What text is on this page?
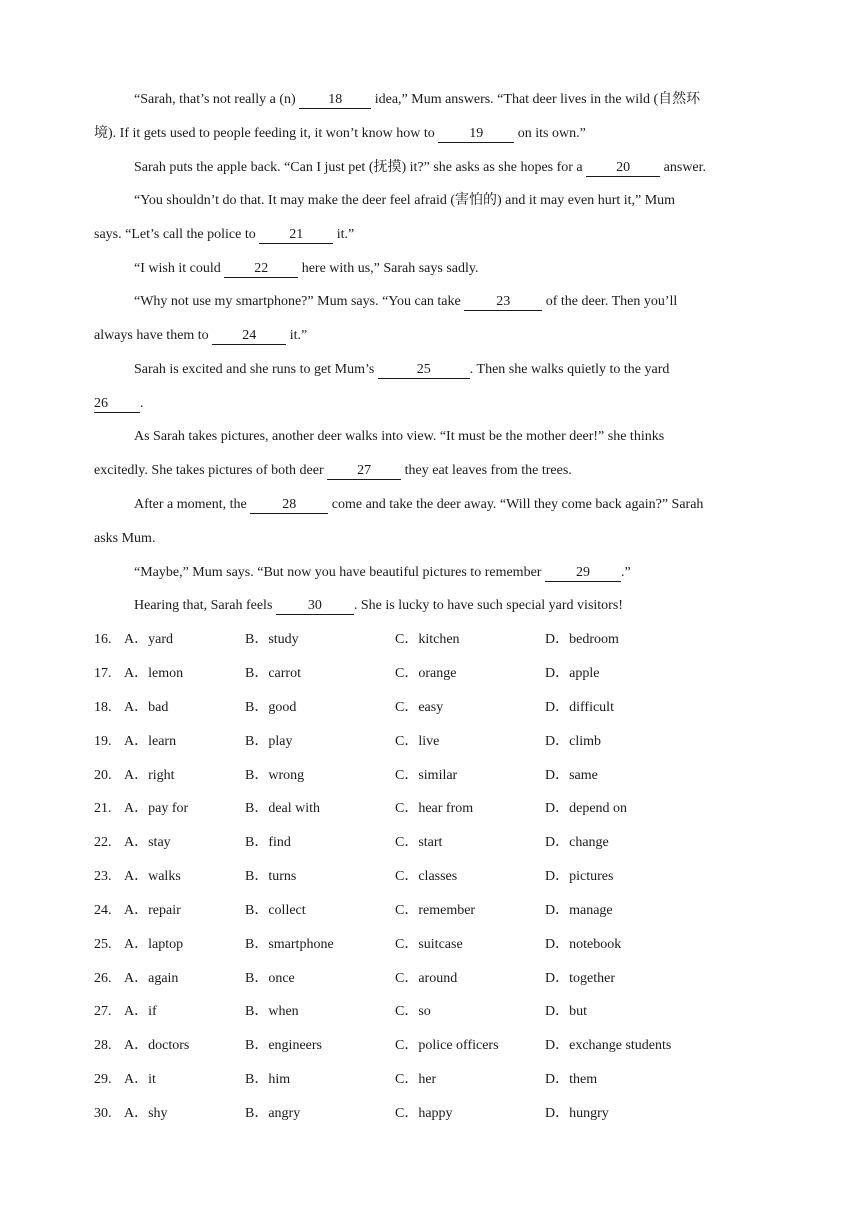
“Sarah, that’s not really a (n) 18 idea,” Mum answers. “That deer lives in the wild (自然环
境). If it gets used to people feeding it, it won’t know how to 19 on its own.”
Sarah puts the apple back. “Can I just pet (抚摸) it?” she asks as she hopes for a 20 answer.
“You shouldn’t do that. It may make the deer feel afraid (害怕的) and it may even hurt it,” Mum
says. “Let’s call the police to 21 it.”
“I wish it could 22 here with us,” Sarah says sadly.
“Why not use my smartphone?” Mum says. “You can take 23 of the deer. Then you’ll
always have them to 24 it.”
Sarah is excited and she runs to get Mum’s	25	. Then she walks quietly to the yard
26 .
As Sarah takes pictures, another deer walks into view. “It must be the mother deer!” she thinks
excitedly. She takes pictures of both deer 27 they eat leaves from the trees.
After a moment, the 28 come and take the deer away. “Will they come back again?” Sarah
asks Mum.
“Maybe,” Mum says. “But now you have beautiful pictures to remember 29 .”
Hearing that, Sarah feels 30 . She is lucky to have such special yard visitors!
16. A．yard	B．study	C．kitchen	D．bedroom
17. A．lemon	B．carrot	C．orange	D．apple
18. A．bad	B．good	C．easy	D．difficult
19. A．learn	B．play	C．live	D．climb
20. A．right	B．wrong	C．similar	D．same
21. A．pay for	B．deal with	C．hear from	D．depend on
22. A．stay	B．find	C．start	D．change
23. A．walks	B．turns	C．classes	D．pictures
24. A．repair	B．collect	C．remember	D．manage
25. A．laptop	B．smartphone	C．suitcase	D．notebook
26. A．again	B．once	C．around	D．together
27. A．if	B．when	C．so	D．but
28. A．doctors	B．engineers	C．police officers	D．exchange students
29. A．it	B．him	C．her	D．them
30. A．shy	B．angry	C．happy	D．hungry
